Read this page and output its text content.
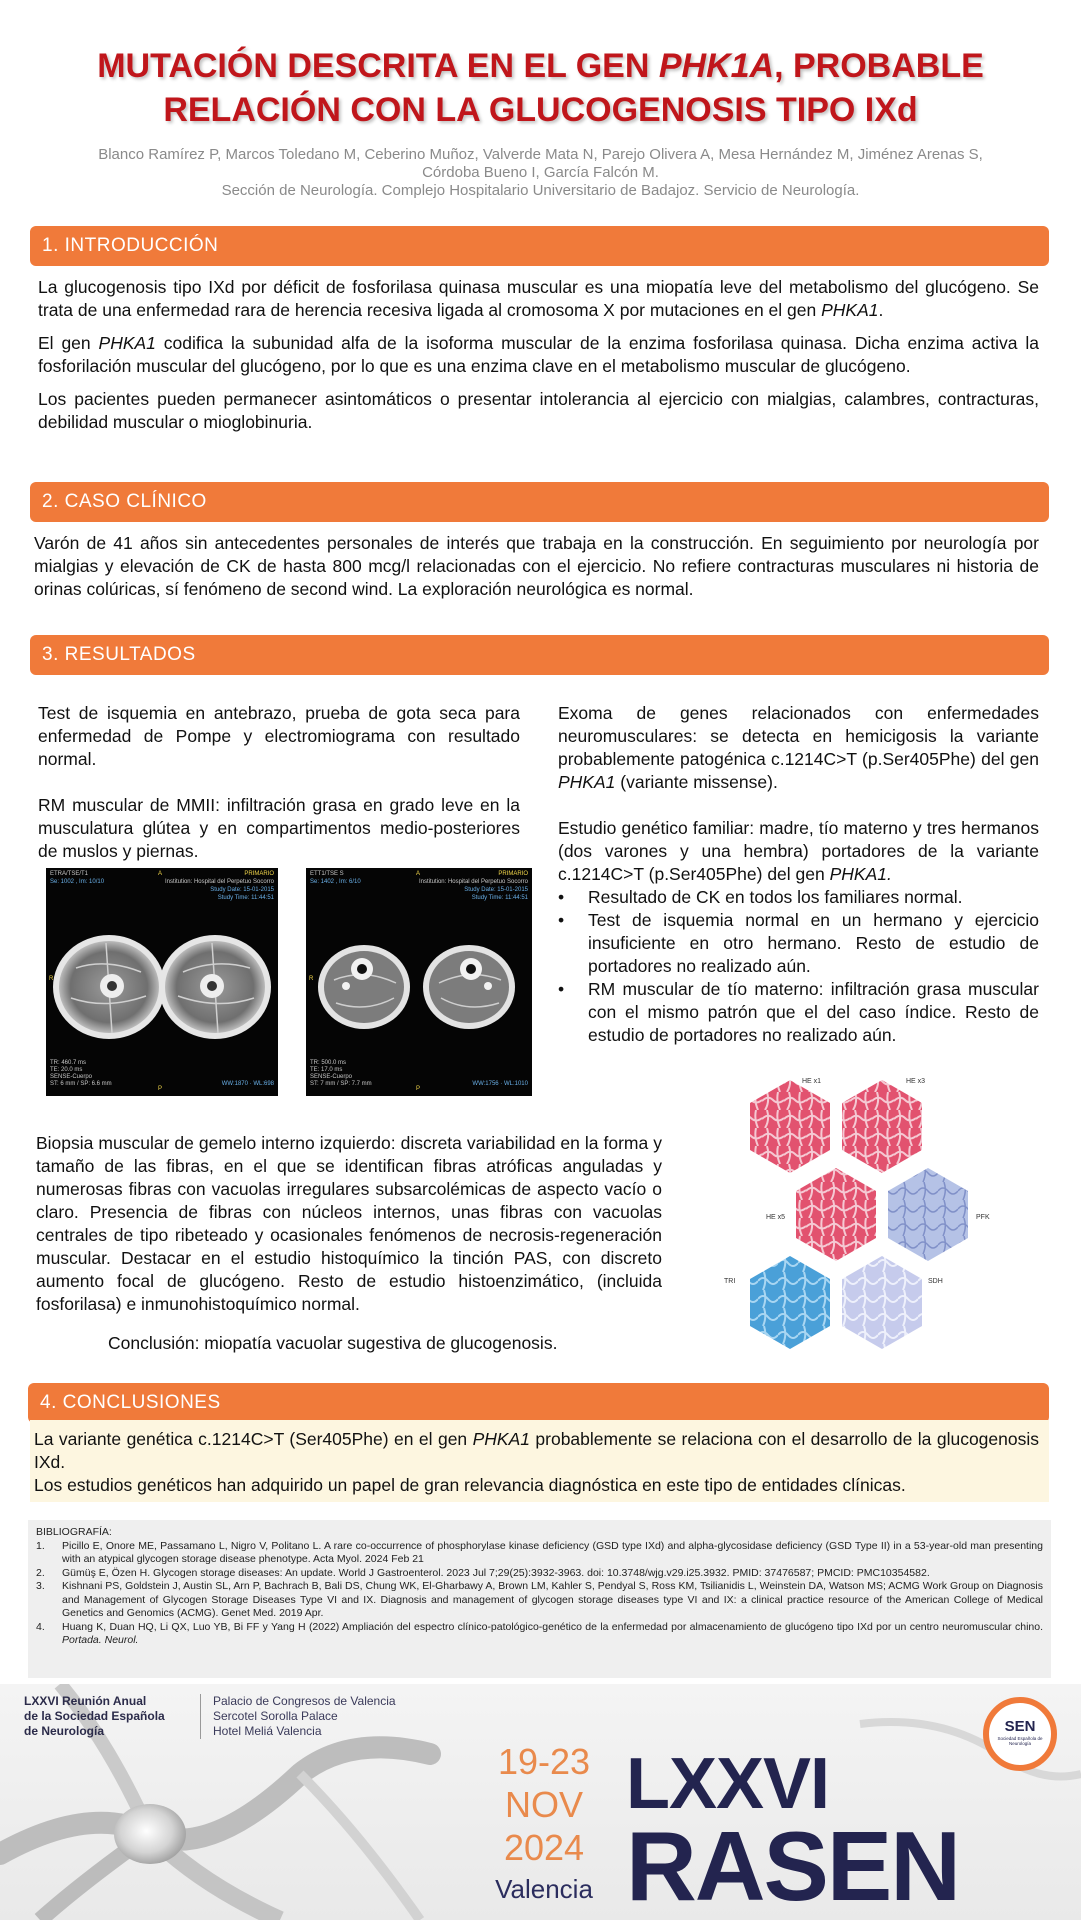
MUTACIÓN DESCRITA EN EL GEN PHK1A, PROBABLE
RELACIÓN CON LA GLUCOGENOSIS TIPO IXd
Blanco Ramírez P, Marcos Toledano M, Ceberino Muñoz, Valverde Mata N, Parejo Olivera A, Mesa Hernández M, Jiménez Arenas S,
Córdoba Bueno I, García Falcón M.
Sección de Neurología. Complejo Hospitalario Universitario de Badajoz. Servicio de Neurología.
1. INTRODUCCIÓN

La glucogenosis tipo IXd por déficit de fosforilasa quinasa muscular es una miopatía leve del metabolismo del glucógeno. Se trata de una enfermedad rara de herencia recesiva ligada al cromosoma X por mutaciones en el gen PHKA1.

El gen PHKA1 codifica la subunidad alfa de la isoforma muscular de la enzima fosforilasa quinasa. Dicha enzima activa la fosforilación muscular del glucógeno, por lo que es una enzima clave en el metabolismo muscular de glucógeno.

Los pacientes pueden permanecer asintomáticos o presentar intolerancia al ejercicio con mialgias, calambres, contracturas, debilidad muscular o mioglobinuria.

2. CASO CLÍNICO

Varón de 41 años sin antecedentes personales de interés que trabaja en la construcción. En seguimiento por neurología por mialgias y elevación de CK de hasta 800 mcg/l relacionadas con el ejercicio. No refiere contracturas musculares ni historia de orinas colúricas, sí fenómeno de second wind. La exploración neurológica es normal.

3. RESULTADOS

Test de isquemia en antebrazo, prueba de gota seca para enfermedad de Pompe y electromiograma con resultado normal.

RM muscular de MMII: infiltración grasa en grado leve en la musculatura glútea y en compartimentos medio-posteriores de muslos y piernas.

ETRA/TSE/T1
Se: 1002 , Im: 10/10
PRIMARIO
Institution: Hospital del Perpetuo Socorro
Study Date: 15-01-2015
Study Time: 11:44:51
A
R
P
TR: 460.7 ms
TE: 20.0 ms
SENSE-Cuerpo
ST: 6 mm / SP: 6.6 mm	WW:1870 · WL:698
ETT1/TSE S
Se: 1402 , Im: 6/10
PRIMARIO
Institution: Hospital del Perpetuo Socorro
Study Date: 15-01-2015
Study Time: 11:44:51
A
R
P
TR: 500.0 ms
TE: 17.0 ms
SENSE-Cuerpo
ST: 7 mm / SP: 7.7 mm	WW:1756 · WL:1010

Exoma de genes relacionados con enfermedades neuromusculares: se detecta en hemicigosis la variante probablemente patogénica c.1214C>T (p.Ser405Phe) del gen PHKA1 (variante missense).

Estudio genético familiar: madre, tío materno y tres hermanos (dos varones y una hembra) portadores de la variante c.1214C>T (p.Ser405Phe) del gen PHKA1.

• Resultado de CK en todos los familiares normal.
• Test de isquemia normal en un hermano y ejercicio insuficiente en otro hermano. Resto de estudio de portadores no realizado aún.
• RM muscular de tío materno: infiltración grasa muscular con el mismo patrón que el del caso índice. Resto de estudio de portadores no realizado aún.

Biopsia muscular de gemelo interno izquierdo: discreta variabilidad en la forma y tamaño de las fibras, en el que se identifican fibras atróficas anguladas y numerosas fibras con vacuolas irregulares subsarcolémicas de aspecto vacío o claro. Presencia de fibras con núcleos internos, unas fibras con vacuolas centrales de tipo ribeteado y ocasionales fenómenos de necrosis-regeneración muscular. Destacar en el estudio histoquímico la tinción PAS, con discreto aumento focal de glucógeno. Resto de estudio histoenzimático, (incluida fosforilasa) e inmunohistoquímico normal.

Conclusión: miopatía vacuolar sugestiva de glucogenosis.
HE x1	HE x3
HE x5	PFK
TRI	SDH
4. CONCLUSIONES

La variante genética c.1214C>T (Ser405Phe) en el gen PHKA1 probablemente se relaciona con el desarrollo de la glucogenosis IXd.

Los estudios genéticos han adquirido un papel de gran relevancia diagnóstica en este tipo de entidades clínicas.

BIBLIOGRAFÍA:
1. Picillo E, Onore ME, Passamano L, Nigro V, Politano L. A rare co-occurrence of phosphorylase kinase deficiency (GSD type IXd) and alpha-glycosidase deficiency (GSD Type II) in a 53-year-old man presenting with an atypical glycogen storage disease phenotype. Acta Myol. 2024 Feb 21
2. Gümüş E, Özen H. Glycogen storage diseases: An update. World J Gastroenterol. 2023 Jul 7;29(25):3932-3963. doi: 10.3748/wjg.v29.i25.3932. PMID: 37476587; PMCID: PMC10354582.
3. Kishnani PS, Goldstein J, Austin SL, Arn P, Bachrach B, Bali DS, Chung WK, El-Gharbawy A, Brown LM, Kahler S, Pendyal S, Ross KM, Tsilianidis L, Weinstein DA, Watson MS; ACMG Work Group on Diagnosis and Management of Glycogen Storage Diseases Type VI and IX. Diagnosis and management of glycogen storage diseases type VI and IX: a clinical practice resource of the American College of Medical Genetics and Genomics (ACMG). Genet Med. 2019 Apr.
4. Huang K, Duan HQ, Li QX, Luo YB, Bi FF y Yang H (2022) Ampliación del espectro clínico-patológico-genético de la enfermedad por almacenamiento de glucógeno tipo IXd por un centro neuromuscular chino. Portada. Neurol.
LXXVI Reunión Anual
de la Sociedad Española
de Neurología
Palacio de Congresos de Valencia
Sercotel Sorolla Palace
Hotel Meliá Valencia
19-23
NOV
2024
Valencia
LXXVI
RASEN
SEN
Sociedad Española de Neurología
